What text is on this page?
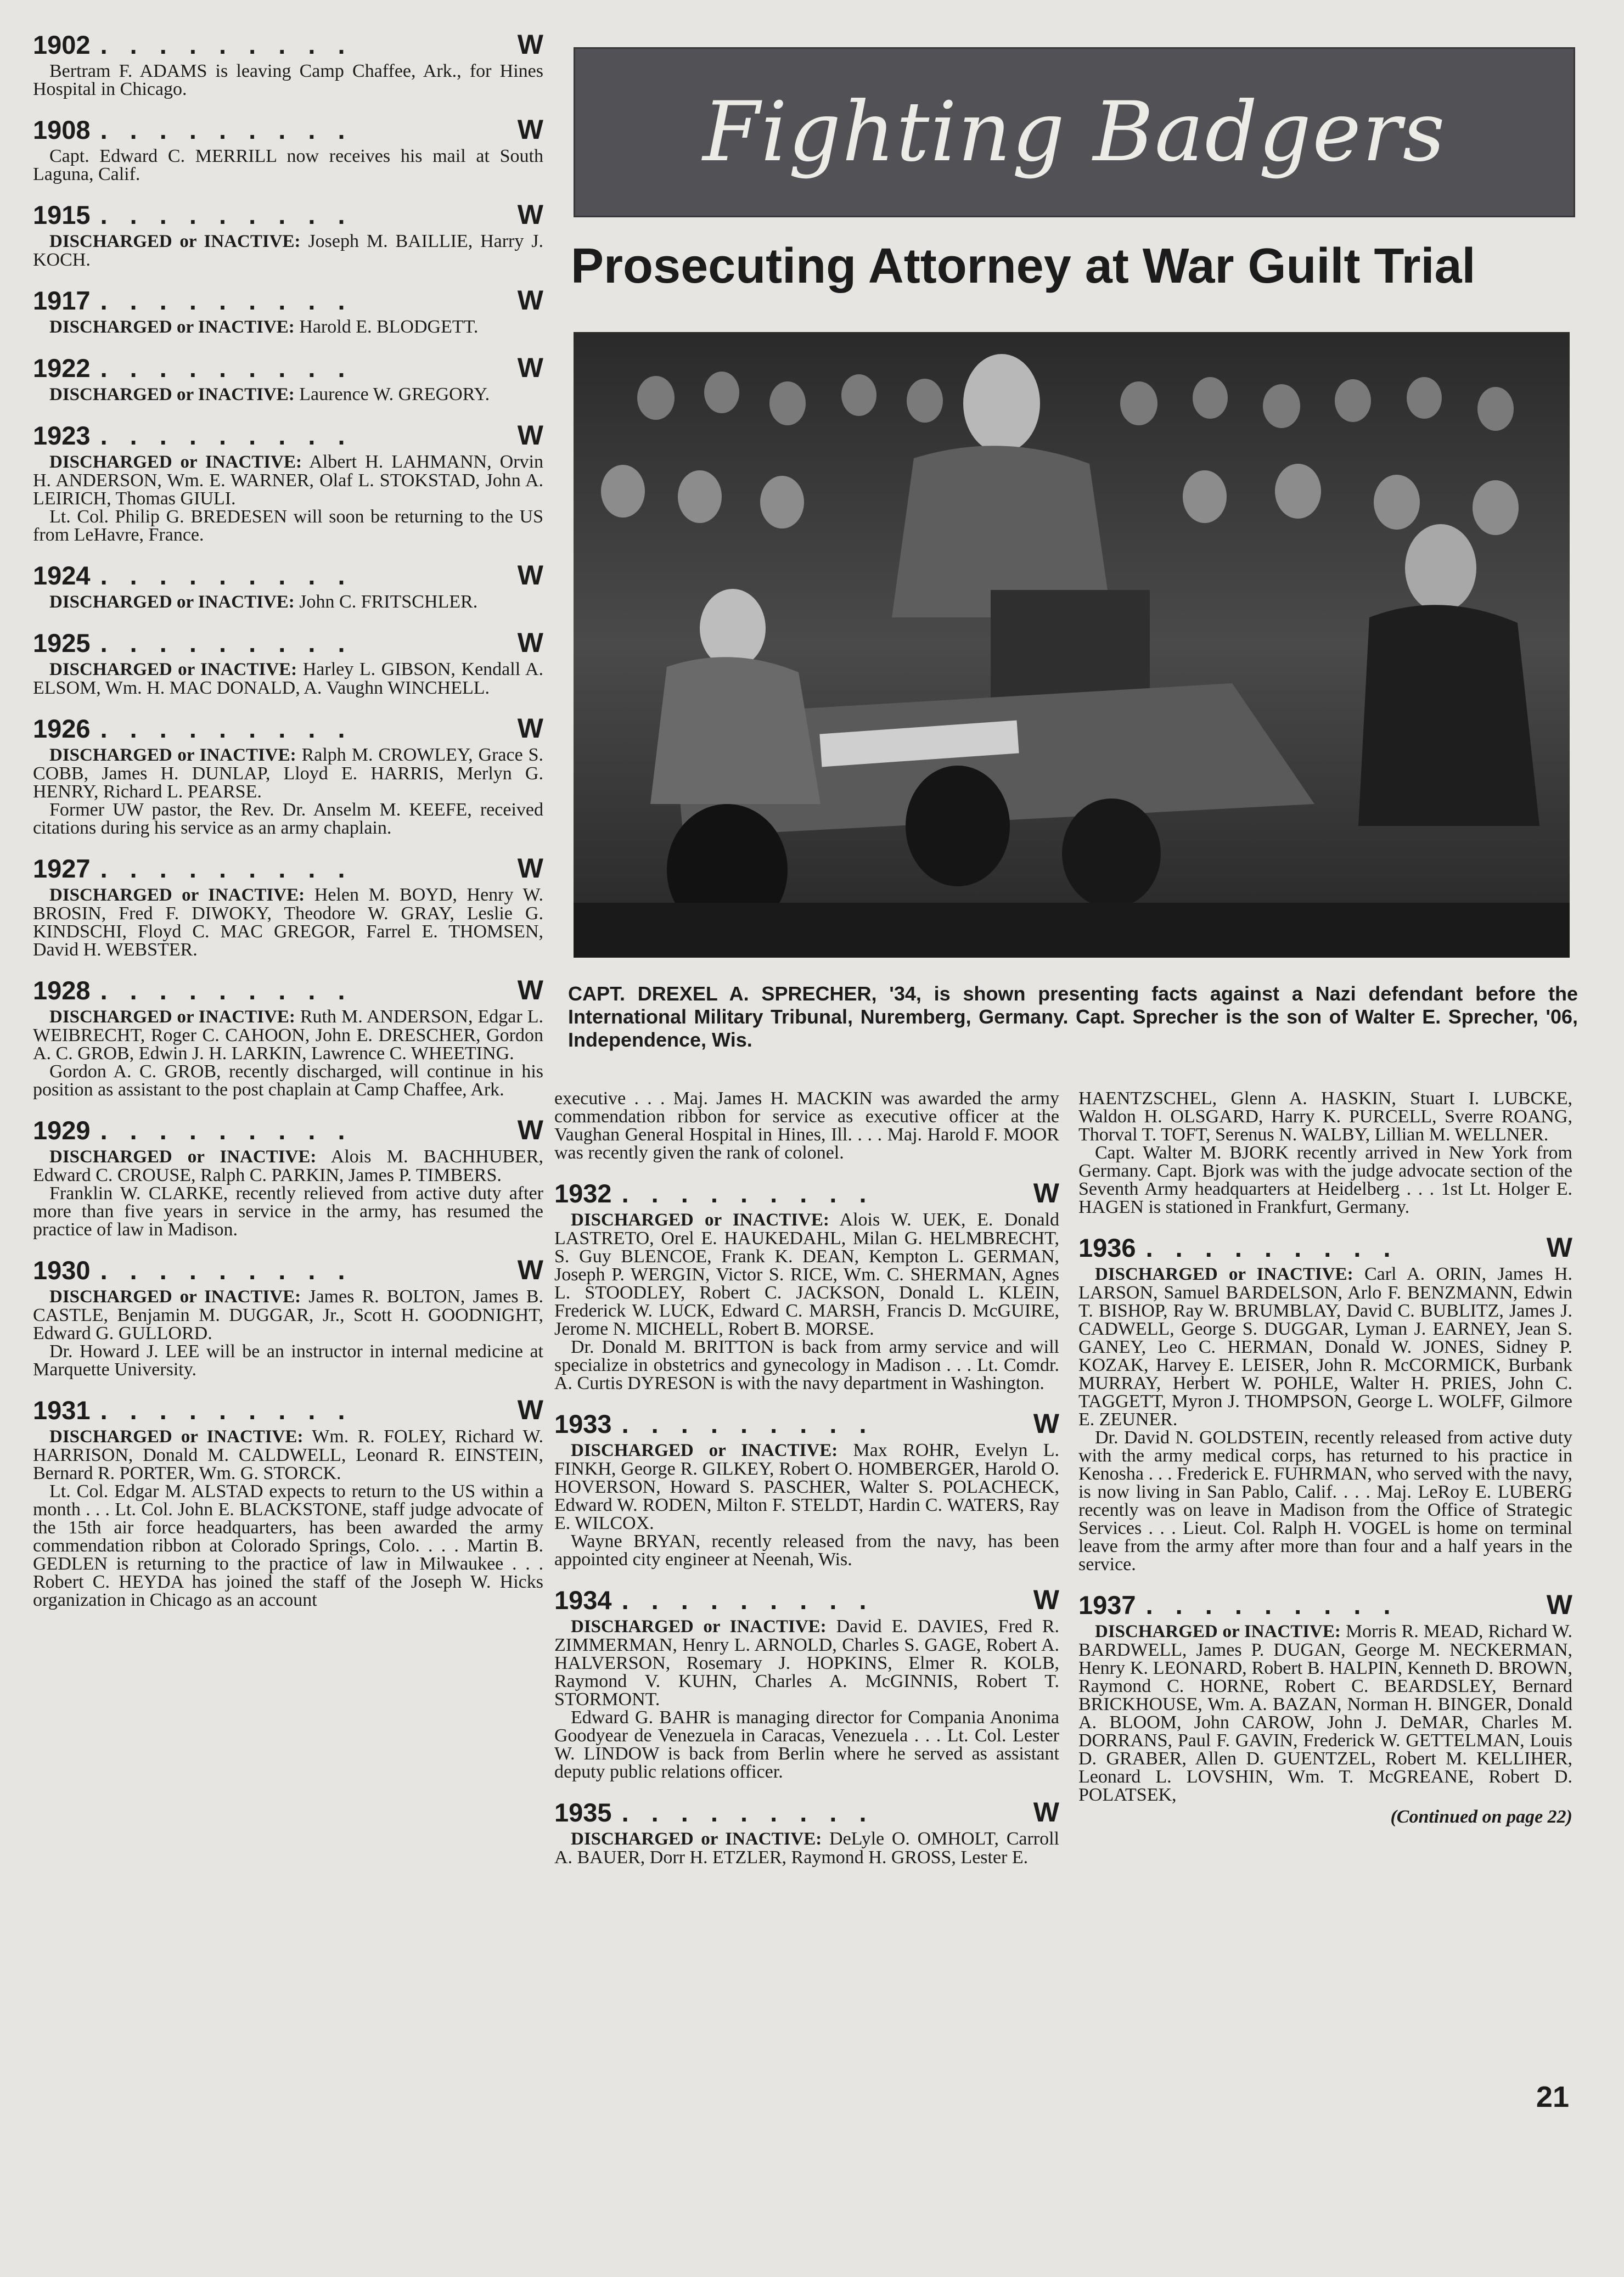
1902 . . . . . . . . .	W

Bertram F. ADAMS is leaving Camp Chaffee, Ark., for Hines Hospital in Chicago.

1908 . . . . . . . . .	W

Capt. Edward C. MERRILL now receives his mail at South Laguna, Calif.

1915 . . . . . . . . .	W

DISCHARGED or INACTIVE: Joseph M. BAILLIE, Harry J. KOCH.

1917 . . . . . . . . .	W

DISCHARGED or INACTIVE: Harold E. BLODGETT.

1922 . . . . . . . . .	W

DISCHARGED or INACTIVE: Laurence W. GREGORY.

1923 . . . . . . . . .	W

DISCHARGED or INACTIVE: Albert H. LAHMANN, Orvin H. ANDERSON, Wm. E. WARNER, Olaf L. STOKSTAD, John A. LEIRICH, Thomas GIULI.

Lt. Col. Philip G. BREDESEN will soon be returning to the US from LeHavre, France.

1924 . . . . . . . . .	W

DISCHARGED or INACTIVE: John C. FRITSCHLER.

1925 . . . . . . . . .	W

DISCHARGED or INACTIVE: Harley L. GIBSON, Kendall A. ELSOM, Wm. H. MAC DONALD, A. Vaughn WINCHELL.

1926 . . . . . . . . .	W

DISCHARGED or INACTIVE: Ralph M. CROWLEY, Grace S. COBB, James H. DUNLAP, Lloyd E. HARRIS, Merlyn G. HENRY, Richard L. PEARSE.

Former UW pastor, the Rev. Dr. Anselm M. KEEFE, received citations during his service as an army chaplain.

1927 . . . . . . . . .	W

DISCHARGED or INACTIVE: Helen M. BOYD, Henry W. BROSIN, Fred F. DIWOKY, Theodore W. GRAY, Leslie G. KINDSCHI, Floyd C. MAC GREGOR, Farrel E. THOMSEN, David H. WEBSTER.

1928 . . . . . . . . .	W

DISCHARGED or INACTIVE: Ruth M. ANDERSON, Edgar L. WEIBRECHT, Roger C. CAHOON, John E. DRESCHER, Gordon A. C. GROB, Edwin J. H. LARKIN, Lawrence C. WHEETING.

Gordon A. C. GROB, recently discharged, will continue in his position as assistant to the post chaplain at Camp Chaffee, Ark.

1929 . . . . . . . . .	W

DISCHARGED or INACTIVE: Alois M. BACHHUBER, Edward C. CROUSE, Ralph C. PARKIN, James P. TIMBERS.

Franklin W. CLARKE, recently relieved from active duty after more than five years in service in the army, has resumed the practice of law in Madison.

1930 . . . . . . . . .	W

DISCHARGED or INACTIVE: James R. BOLTON, James B. CASTLE, Benjamin M. DUGGAR, Jr., Scott H. GOODNIGHT, Edward G. GULLORD.

Dr. Howard J. LEE will be an instructor in internal medicine at Marquette University.

1931 . . . . . . . . .	W

DISCHARGED or INACTIVE: Wm. R. FOLEY, Richard W. HARRISON, Donald M. CALDWELL, Leonard R. EINSTEIN, Bernard R. PORTER, Wm. G. STORCK.

Lt. Col. Edgar M. ALSTAD expects to return to the US within a month . . . Lt. Col. John E. BLACKSTONE, staff judge advocate of the 15th air force headquarters, has been awarded the army commendation ribbon at Colorado Springs, Colo. . . . Martin B. GEDLEN is returning to the practice of law in Milwaukee . . . Robert C. HEYDA has joined the staff of the Joseph W. Hicks organization in Chicago as an account

Fighting Badgers
Prosecuting Attorney at War Guilt Trial
CAPT. DREXEL A. SPRECHER, '34, is shown presenting facts against a Nazi defendant before the International Military Tribunal, Nuremberg, Germany. Capt. Sprecher is the son of Walter E. Sprecher, '06, Independence, Wis.

executive . . . Maj. James H. MACKIN was awarded the army commendation ribbon for service as executive officer at the Vaughan General Hospital in Hines, Ill. . . . Maj. Harold F. MOOR was recently given the rank of colonel.

1932 . . . . . . . . .	W

DISCHARGED or INACTIVE: Alois W. UEK, E. Donald LASTRETO, Orel E. HAUKEDAHL, Milan G. HELMBRECHT, S. Guy BLENCOE, Frank K. DEAN, Kempton L. GERMAN, Joseph P. WERGIN, Victor S. RICE, Wm. C. SHERMAN, Agnes L. STOODLEY, Robert C. JACKSON, Donald L. KLEIN, Frederick W. LUCK, Edward C. MARSH, Francis D. McGUIRE, Jerome N. MICHELL, Robert B. MORSE.

Dr. Donald M. BRITTON is back from army service and will specialize in obstetrics and gynecology in Madison . . . Lt. Comdr. A. Curtis DYRESON is with the navy department in Washington.

1933 . . . . . . . . .	W

DISCHARGED or INACTIVE: Max ROHR, Evelyn L. FINKH, George R. GILKEY, Robert O. HOMBERGER, Harold O. HOVERSON, Howard S. PASCHER, Walter S. POLACHECK, Edward W. RODEN, Milton F. STELDT, Hardin C. WATERS, Ray E. WILCOX.

Wayne BRYAN, recently released from the navy, has been appointed city engineer at Neenah, Wis.

1934 . . . . . . . . .	W

DISCHARGED or INACTIVE: David E. DAVIES, Fred R. ZIMMERMAN, Henry L. ARNOLD, Charles S. GAGE, Robert A. HALVERSON, Rosemary J. HOPKINS, Elmer R. KOLB, Raymond V. KUHN, Charles A. McGINNIS, Robert T. STORMONT.

Edward G. BAHR is managing director for Compania Anonima Goodyear de Venezuela in Caracas, Venezuela . . . Lt. Col. Lester W. LINDOW is back from Berlin where he served as assistant deputy public relations officer.

1935 . . . . . . . . .	W

DISCHARGED or INACTIVE: DeLyle O. OMHOLT, Carroll A. BAUER, Dorr H. ETZLER, Raymond H. GROSS, Lester E.

HAENTZSCHEL, Glenn A. HASKIN, Stuart I. LUBCKE, Waldon H. OLSGARD, Harry K. PURCELL, Sverre ROANG, Thorval T. TOFT, Serenus N. WALBY, Lillian M. WELLNER.

Capt. Walter M. BJORK recently arrived in New York from Germany. Capt. Bjork was with the judge advocate section of the Seventh Army headquarters at Heidelberg . . . 1st Lt. Holger E. HAGEN is stationed in Frankfurt, Germany.

1936 . . . . . . . . .	W

DISCHARGED or INACTIVE: Carl A. ORIN, James H. LARSON, Samuel BARDELSON, Arlo F. BENZMANN, Edwin T. BISHOP, Ray W. BRUMBLAY, David C. BUBLITZ, James J. CADWELL, George S. DUGGAR, Lyman J. EARNEY, Jean S. GANEY, Leo C. HERMAN, Donald W. JONES, Sidney P. KOZAK, Harvey E. LEISER, John R. McCORMICK, Burbank MURRAY, Herbert W. POHLE, Walter H. PRIES, John C. TAGGETT, Myron J. THOMPSON, George L. WOLFF, Gilmore E. ZEUNER.

Dr. David N. GOLDSTEIN, recently released from active duty with the army medical corps, has returned to his practice in Kenosha . . . Frederick E. FUHRMAN, who served with the navy, is now living in San Pablo, Calif. . . . Maj. LeRoy E. LUBERG recently was on leave in Madison from the Office of Strategic Services . . . Lieut. Col. Ralph H. VOGEL is home on terminal leave from the army after more than four and a half years in the service.

1937 . . . . . . . . .	W

DISCHARGED or INACTIVE: Morris R. MEAD, Richard W. BARDWELL, James P. DUGAN, George M. NECKERMAN, Henry K. LEONARD, Robert B. HALPIN, Kenneth D. BROWN, Raymond C. HORNE, Robert C. BEARDSLEY, Bernard BRICKHOUSE, Wm. A. BAZAN, Norman H. BINGER, Donald A. BLOOM, John CAROW, John J. DeMAR, Charles M. DORRANS, Paul F. GAVIN, Frederick W. GETTELMAN, Louis D. GRABER, Allen D. GUENTZEL, Robert M. KELLIHER, Leonard L. LOVSHIN, Wm. T. McGREANE, Robert D. POLATSEK,

(Continued on page 22)
21
